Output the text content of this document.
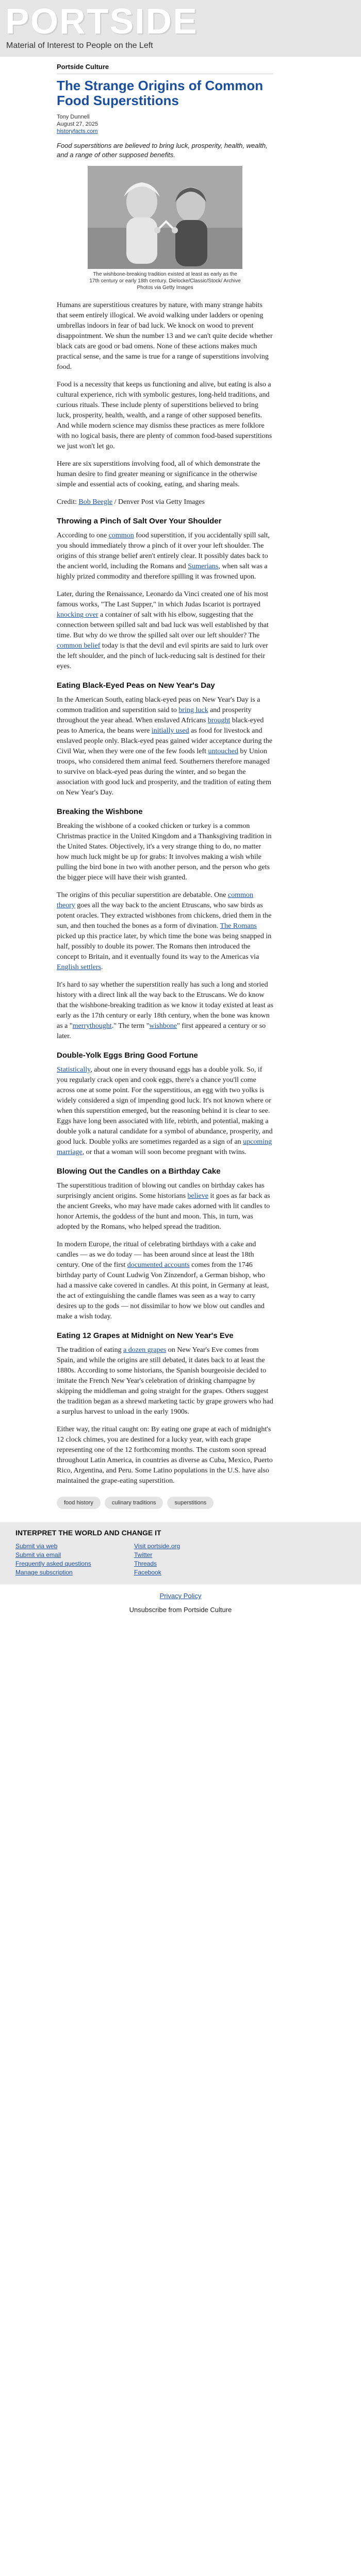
PORTSIDE
Material of Interest to People on the Left
Portside Culture
The Strange Origins of Common Food Superstitions
Tony Dunnell
August 27, 2025
historyfacts.com
Food superstitions are believed to bring luck, prosperity, health, wealth, and a range of other supposed benefits.
The wishbone-breaking tradition existed at least as early as the 17th century or early 18th century. Dielocke/Classic/Stock/ Archive Photos via Getty Images

Humans are superstitious creatures by nature, with many strange habits that seem entirely illogical. We avoid walking under ladders or opening umbrellas indoors in fear of bad luck. We knock on wood to prevent disappointment. We shun the number 13 and we can't quite decide whether black cats are good or bad omens. None of these actions makes much practical sense, and the same is true for a range of superstitions involving food.

Food is a necessity that keeps us functioning and alive, but eating is also a cultural experience, rich with symbolic gestures, long-held traditions, and curious rituals. These include plenty of superstitions believed to bring luck, prosperity, health, wealth, and a range of other supposed benefits. And while modern science may dismiss these practices as mere folklore with no logical basis, there are plenty of common food-based superstitions we just won't let go.

Here are six superstitions involving food, all of which demonstrate the human desire to find greater meaning or significance in the otherwise simple and essential acts of cooking, eating, and sharing meals.

Credit: Bob Beegle / Denver Post via Getty Images

Throwing a Pinch of Salt Over Your Shoulder

According to one common food superstition, if you accidentally spill salt, you should immediately throw a pinch of it over your left shoulder. The origins of this strange belief aren't entirely clear. It possibly dates back to the ancient world, including the Romans and Sumerians, when salt was a highly prized commodity and therefore spilling it was frowned upon.

Later, during the Renaissance, Leonardo da Vinci created one of his most famous works, "The Last Supper," in which Judas Iscariot is portrayed knocking over a container of salt with his elbow, suggesting that the connection between spilled salt and bad luck was well established by that time. But why do we throw the spilled salt over our left shoulder? The common belief today is that the devil and evil spirits are said to lurk over the left shoulder, and the pinch of luck-reducing salt is destined for their eyes.

Eating Black-Eyed Peas on New Year's Day

In the American South, eating black-eyed peas on New Year's Day is a common tradition and superstition said to bring luck and prosperity throughout the year ahead. When enslaved Africans brought black-eyed peas to America, the beans were initially used as food for livestock and enslaved people only. Black-eyed peas gained wider acceptance during the Civil War, when they were one of the few foods left untouched by Union troops, who considered them animal feed. Southerners therefore managed to survive on black-eyed peas during the winter, and so began the association with good luck and prosperity, and the tradition of eating them on New Year's Day.

Breaking the Wishbone

Breaking the wishbone of a cooked chicken or turkey is a common Christmas practice in the United Kingdom and a Thanksgiving tradition in the United States. Objectively, it's a very strange thing to do, no matter how much luck might be up for grabs: It involves making a wish while pulling the bird bone in two with another person, and the person who gets the bigger piece will have their wish granted.

The origins of this peculiar superstition are debatable. One common theory goes all the way back to the ancient Etruscans, who saw birds as potent oracles. They extracted wishbones from chickens, dried them in the sun, and then touched the bones as a form of divination. The Romans picked up this practice later, by which time the bone was being snapped in half, possibly to double its power. The Romans then introduced the concept to Britain, and it eventually found its way to the Americas via English settlers.

It's hard to say whether the superstition really has such a long and storied history with a direct link all the way back to the Etruscans. We do know that the wishbone-breaking tradition as we know it today existed at least as early as the 17th century or early 18th century, when the bone was known as a "merrythought." The term "wishbone" first appeared a century or so later.

Double-Yolk Eggs Bring Good Fortune

Statistically, about one in every thousand eggs has a double yolk. So, if you regularly crack open and cook eggs, there's a chance you'll come across one at some point. For the superstitious, an egg with two yolks is widely considered a sign of impending good luck. It's not known where or when this superstition emerged, but the reasoning behind it is clear to see. Eggs have long been associated with life, rebirth, and potential, making a double yolk a natural candidate for a symbol of abundance, prosperity, and good luck. Double yolks are sometimes regarded as a sign of an upcoming marriage, or that a woman will soon become pregnant with twins.

Blowing Out the Candles on a Birthday Cake

The superstitious tradition of blowing out candles on birthday cakes has surprisingly ancient origins. Some historians believe it goes as far back as the ancient Greeks, who may have made cakes adorned with lit candles to honor Artemis, the goddess of the hunt and moon. This, in turn, was adopted by the Romans, who helped spread the tradition.

In modern Europe, the ritual of celebrating birthdays with a cake and candles — as we do today — has been around since at least the 18th century. One of the first documented accounts comes from the 1746 birthday party of Count Ludwig Von Zinzendorf, a German bishop, who had a massive cake covered in candles. At this point, in Germany at least, the act of extinguishing the candle flames was seen as a way to carry desires up to the gods — not dissimilar to how we blow out candles and make a wish today.

Eating 12 Grapes at Midnight on New Year's Eve

The tradition of eating a dozen grapes on New Year's Eve comes from Spain, and while the origins are still debated, it dates back to at least the 1880s. According to some historians, the Spanish bourgeoisie decided to imitate the French New Year's celebration of drinking champagne by skipping the middleman and going straight for the grapes. Others suggest the tradition began as a shrewd marketing tactic by grape growers who had a surplus harvest to unload in the early 1900s.

Either way, the ritual caught on: By eating one grape at each of midnight's 12 clock chimes, you are destined for a lucky year, with each grape representing one of the 12 forthcoming months. The custom soon spread throughout Latin America, in countries as diverse as Cuba, Mexico, Puerto Rico, Argentina, and Peru. Some Latino populations in the U.S. have also maintained the grape-eating superstition.

food history	culinary traditions	superstitions
INTERPRET THE WORLD AND CHANGE IT
Submit via web
Submit via email
Frequently asked questions
Manage subscription
Visit portside.org
Twitter
Threads
Facebook
Privacy Policy
Unsubscribe from Portside Culture
